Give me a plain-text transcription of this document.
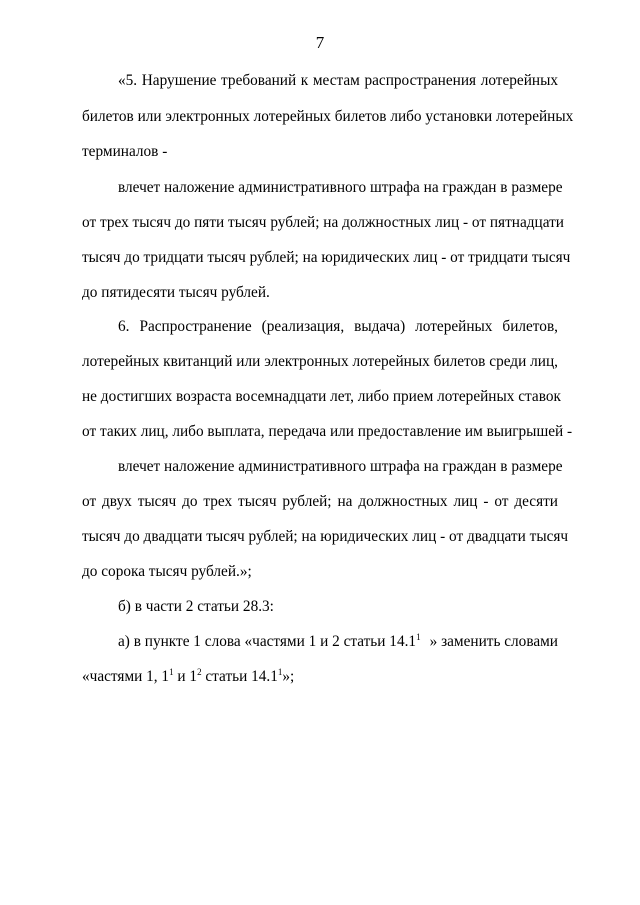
7
«5. Нарушение требований к местам распространения лотерейных
билетов или электронных лотерейных билетов либо установки лотерейных
терминалов -
влечет наложение административного штрафа на граждан в размере
от трех тысяч до пяти тысяч рублей; на должностных лиц - от пятнадцати
тысяч до тридцати тысяч рублей; на юридических лиц - от тридцати тысяч
до пятидесяти тысяч рублей.
6. Распространение (реализация, выдача) лотерейных билетов,
лотерейных квитанций или электронных лотерейных билетов среди лиц,
не достигших возраста восемнадцати лет, либо прием лотерейных ставок
от таких лиц, либо выплата, передача или предоставление им выигрышей -
влечет наложение административного штрафа на граждан в размере
от двух тысяч до трех тысяч рублей; на должностных лиц - от десяти
тысяч до двадцати тысяч рублей; на юридических лиц - от двадцати тысяч
до сорока тысяч рублей.»;
б) в части 2 статьи 28.3:
а) в пункте 1 слова «частями 1 и 2 статьи 14.1$^1$ » заменить словами
«частями 1, $1^1$ и $1^2$ статьи 14.1$^1$»;
